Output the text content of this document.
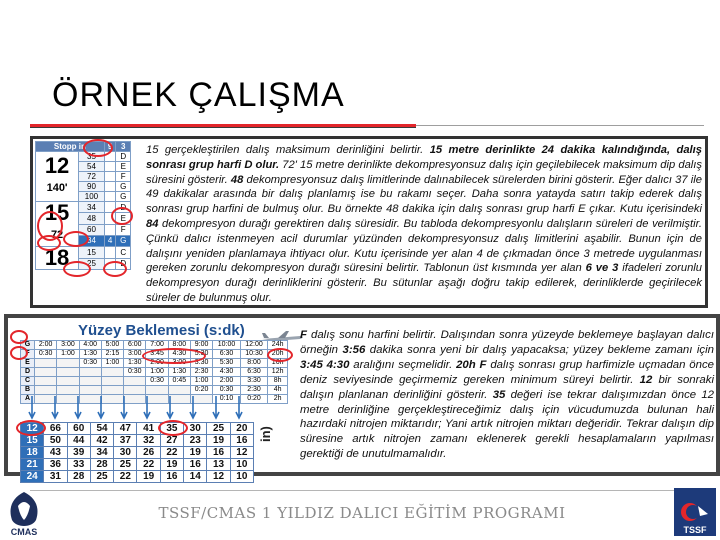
ÖRNEK ÇALIŞMA
Stopp in		9	3

12
140'	35		D
	54		E
	72		F
	90		G
	100		G

15
72	34		D
	48		E
	60		F
	84	4	G

18	15		C
	25		D
15 gerçekleştirilen dalış maksimum derinliğini belirtir. 15 metre derinlikte 24 dakika kalındığında, dalış sonrası grup harfi D olur. 72' 15 metre derinlikte dekompresyonsuz dalış için geçilebilecek maksimum dip dalış süresini gösterir. 48 dekompresyonsuz dalış limitlerinde dalınabilecek sürelerden birini gösterir. Eğer dalıcı 37 ile 49 dakikalar arasında bir dalış planlamış ise bu rakamı seçer. Daha sonra yatayda satırı takip ederek dalış sonrası grup harfini de bulmuş olur. Bu örnekte 48 dakika için dalış sonrası grup harfi E çıkar. Kutu içerisindeki 84 dekompresyon durağı gerektiren dalış süresidir. Bu tabloda dekompresyonlu dalışların süreleri de verilmiştir. Çünkü dalıcı istenmeyen acil durumlar yüzünden dekompresyonsuz dalış limitlerini aşabilir. Bunun için de dalışını yeniden planlamaya ihtiyacı olur. Kutu içerisinde yer alan 4 de çıkmadan önce 3 metrede uygulanması gereken zorunlu dekompresyon durağı süresini belirtir. Tablonun üst kısmında yer alan 6 ve 3 ifadeleri zorunlu dekompresyon durağı derinliklerini gösterir. Bu sütunlar aşağı doğru takip edilerek, derinliklerde geçirilecek süreler de bulunmuş olur.
Yüzey Beklemesi (s:dk)
G	2:00	3:00	4:00	5:00	6:00	7:00	8:00	9:00	10:00	12:00	24h
F	0:30	1:00	1:30	2:15	3:00	3:45	4:30	5:30	6:30	10:30	20h
E			0:30	1:00	1:30	2:00	3:00	3:30	5:30	8:00	16h
D					0:30	1:00	1:30	2:30	4:30	6:30	12h
C						0:30	0:45	1:00	2:00	3:30	8h
B								0:20	0:30	2:30	4h
A									0:10	0:20	2h
12	66	60	54	47	41	35	30	25	20
15	50	44	42	37	32	27	23	19	16
18	43	39	34	30	26	22	19	16	12
21	36	33	28	25	22	19	16	13	10
24	31	28	25	22	19	16	14	12	10
in)
F dalış sonu harfini belirtir. Dalışından sonra yüzeyde beklemeye başlayan dalıcı örneğin 3:56 dakika sonra yeni bir dalış yapacaksa; yüzey bekleme zamanı için 3:45 4:30 aralığını seçmelidir. 20h F dalış sonrası grup harfimizle uçmadan önce deniz seviyesinde geçirmemiz gereken minimum süreyi belirtir. 12 bir sonraki dalışın planlanan derinliğini gösterir. 35 değeri ise tekrar dalışımızdan önce 12 metre derinliğine gerçekleştireceğimiz dalış için vücudumuzda bulunan hali hazırdaki nitrojen miktarıdır; Yani artık nitrojen miktarı değeridir. Tekrar dalışın dip süresine artık nitrojen zamanı eklenerek gerekli hesaplamaların yapılması gerektiği de unutulmamalıdır.
TSSF/CMAS 1 YILDIZ DALICI EĞİTİM PROGRAMI
CMAS	TSSF
